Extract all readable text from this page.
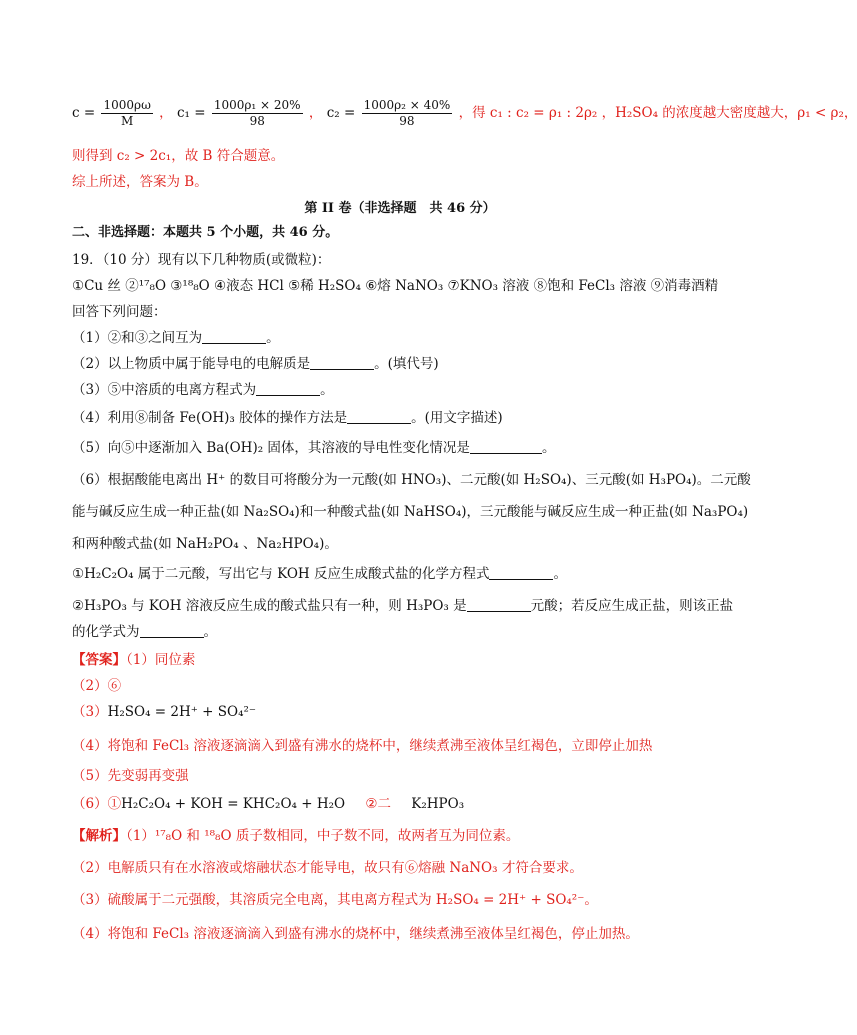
$c = \frac{1000\rho\omega}{M}$ ， $c_1 = \frac{\text{1000ρ₁ × 20\%}}{98}$ ， $c_2 = \frac{\text{1000ρ₂ × 40\%}}{98}$ ，得 c₁ : c₂ = ρ₁ : 2ρ₂ ，H₂SO₄ 的浓度越大密度越大，ρ₁ < ρ₂，
则得到 c₂ > 2c₁，故 B 符合题意。
综上所述，答案为 B。
第 II 卷（非选择题　共 46 分）
二、非选择题：本题共 5 个小题，共 46 分。
19．（10 分）现有以下几种物质(或微粒)：
①Cu 丝 ②¹⁷₈O ③¹⁸₈O ④液态 HCl ⑤稀 H₂SO₄ ⑥熔 NaNO₃ ⑦KNO₃ 溶液 ⑧饱和 FeCl₃ 溶液 ⑨消毒酒精
回答下列问题：
（1）②和③之间互为	。
（2）以上物质中属于能导电的电解质是	。(填代号)
（3）⑤中溶质的电离方程式为	。
（4）利用⑧制备 Fe(OH)₃ 胶体的操作方法是	。(用文字描述)
（5）向⑤中逐渐加入 Ba(OH)₂ 固体，其溶液的导电性变化情况是	。
（6）根据酸能电离出 H⁺ 的数目可将酸分为一元酸(如 HNO₃)、二元酸(如 H₂SO₄)、三元酸(如 H₃PO₄)。二元酸
能与碱反应生成一种正盐(如 Na₂SO₄)和一种酸式盐(如 NaHSO₄)，三元酸能与碱反应生成一种正盐(如 Na₃PO₄)
和两种酸式盐(如 NaH₂PO₄ 、Na₂HPO₄)。
①H₂C₂O₄ 属于二元酸，写出它与 KOH 反应生成酸式盐的化学方程式	。
②H₃PO₃ 与 KOH 溶液反应生成的酸式盐只有一种，则 H₃PO₃ 是	元酸；若反应生成正盐，则该正盐
的化学式为	。
【答案】（1）同位素
（2）⑥
（3）H₂SO₄ = 2H⁺ + SO₄²⁻
（4）将饱和 FeCl₃ 溶液逐滴滴入到盛有沸水的烧杯中，继续煮沸至液体呈红褐色，立即停止加热
（5）先变弱再变强
（6）①H₂C₂O₄ + KOH = KHC₂O₄ + H₂O ②二 K₂HPO₃
【解析】（1）¹⁷₈O 和 ¹⁸₈O 质子数相同，中子数不同，故两者互为同位素。
（2）电解质只有在水溶液或熔融状态才能导电，故只有⑥熔融 NaNO₃ 才符合要求。
（3）硫酸属于二元强酸，其溶质完全电离，其电离方程式为 H₂SO₄ = 2H⁺ + SO₄²⁻。
（4）将饱和 FeCl₃ 溶液逐滴滴入到盛有沸水的烧杯中，继续煮沸至液体呈红褐色，停止加热。
